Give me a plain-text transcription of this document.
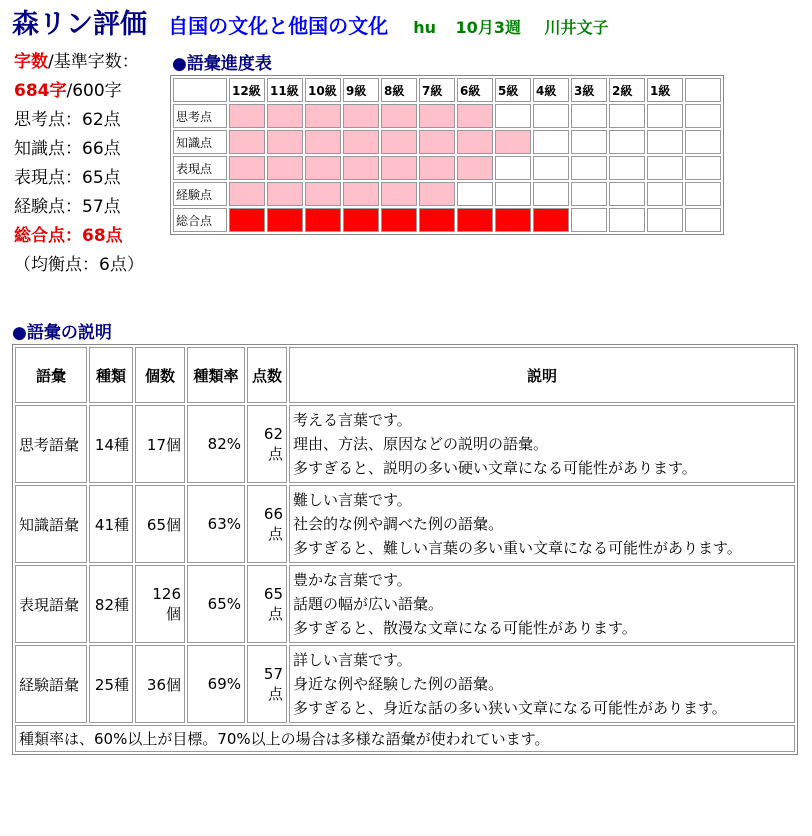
森リン評価 自国の文化と他国の文化 hu 10月3週 川井文子
字数/基準字数：
684字/600字
思考点：62点
知識点：66点
表現点：65点
経験点：57点
総合点：68点
（均衡点：6点）
●語彙進度表
	12級	11級	10級	9級	8級	7級	6級	5級	4級	3級	2級	1級	
思考点													
知識点													
表現点													
経験点													
総合点													
●語彙の説明
語彙	種類	個数	種類率	点数	説明
思考語彙	14種	17個	82%	62点	考える言葉です。
理由、方法、原因などの説明の語彙。
多すぎると、説明の多い硬い文章になる可能性があります。

知識語彙	41種	65個	63%	66点	難しい言葉です。
社会的な例や調べた例の語彙。
多すぎると、難しい言葉の多い重い文章になる可能性があります。

表現語彙	82種	126個	65%	65点	豊かな言葉です。
話題の幅が広い語彙。
多すぎると、散漫な文章になる可能性があります。

経験語彙	25種	36個	69%	57点	詳しい言葉です。
身近な例や経験した例の語彙。
多すぎると、身近な話の多い狭い文章になる可能性があります。

種類率は、60%以上が目標。70%以上の場合は多様な語彙が使われています。					
